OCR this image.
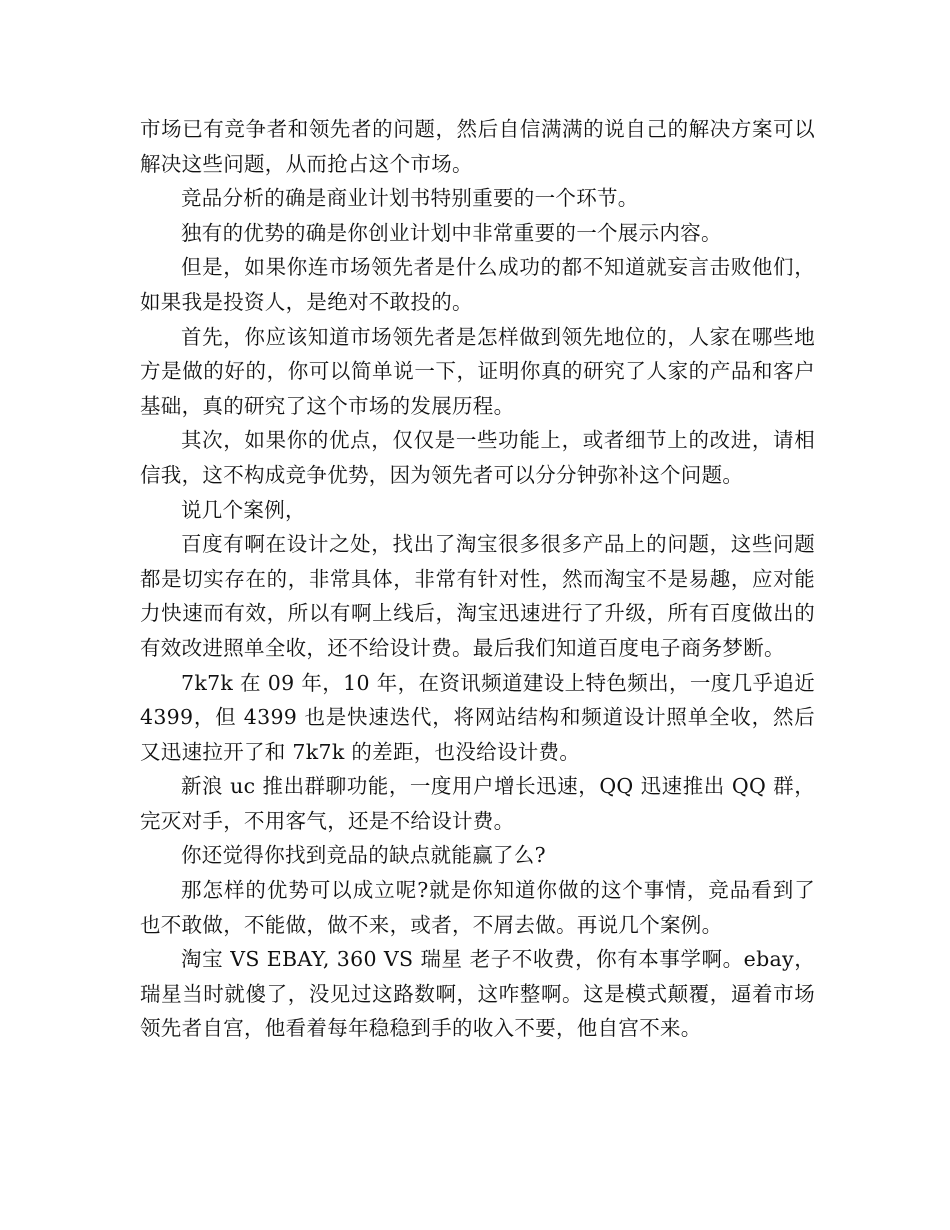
市场已有竞争者和领先者的问题，然后自信满满的说自己的解决方案可以解决这些问题，从而抢占这个市场。

竞品分析的确是商业计划书特别重要的一个环节。

独有的优势的确是你创业计划中非常重要的一个展示内容。

但是，如果你连市场领先者是什么成功的都不知道就妄言击败他们，如果我是投资人，是绝对不敢投的。

首先，你应该知道市场领先者是怎样做到领先地位的，人家在哪些地方是做的好的，你可以简单说一下，证明你真的研究了人家的产品和客户基础，真的研究了这个市场的发展历程。

其次，如果你的优点，仅仅是一些功能上，或者细节上的改进，请相信我，这不构成竞争优势，因为领先者可以分分钟弥补这个问题。

说几个案例，

百度有啊在设计之处，找出了淘宝很多很多产品上的问题，这些问题都是切实存在的，非常具体，非常有针对性，然而淘宝不是易趣，应对能力快速而有效，所以有啊上线后，淘宝迅速进行了升级，所有百度做出的有效改进照单全收，还不给设计费。最后我们知道百度电子商务梦断。

7k7k 在 09 年，10 年，在资讯频道建设上特色频出，一度几乎追近 4399，但 4399 也是快速迭代，将网站结构和频道设计照单全收，然后又迅速拉开了和 7k7k 的差距，也没给设计费。

新浪 uc 推出群聊功能，一度用户增长迅速，QQ 迅速推出 QQ 群，完灭对手，不用客气，还是不给设计费。

你还觉得你找到竞品的缺点就能赢了么?

那怎样的优势可以成立呢?就是你知道你做的这个事情，竞品看到了也不敢做，不能做，做不来，或者，不屑去做。再说几个案例。

淘宝 VS EBAY, 360 VS 瑞星 老子不收费，你有本事学啊。ebay，瑞星当时就傻了，没见过这路数啊，这咋整啊。这是模式颠覆，逼着市场领先者自宫，他看着每年稳稳到手的收入不要，他自宫不来。
